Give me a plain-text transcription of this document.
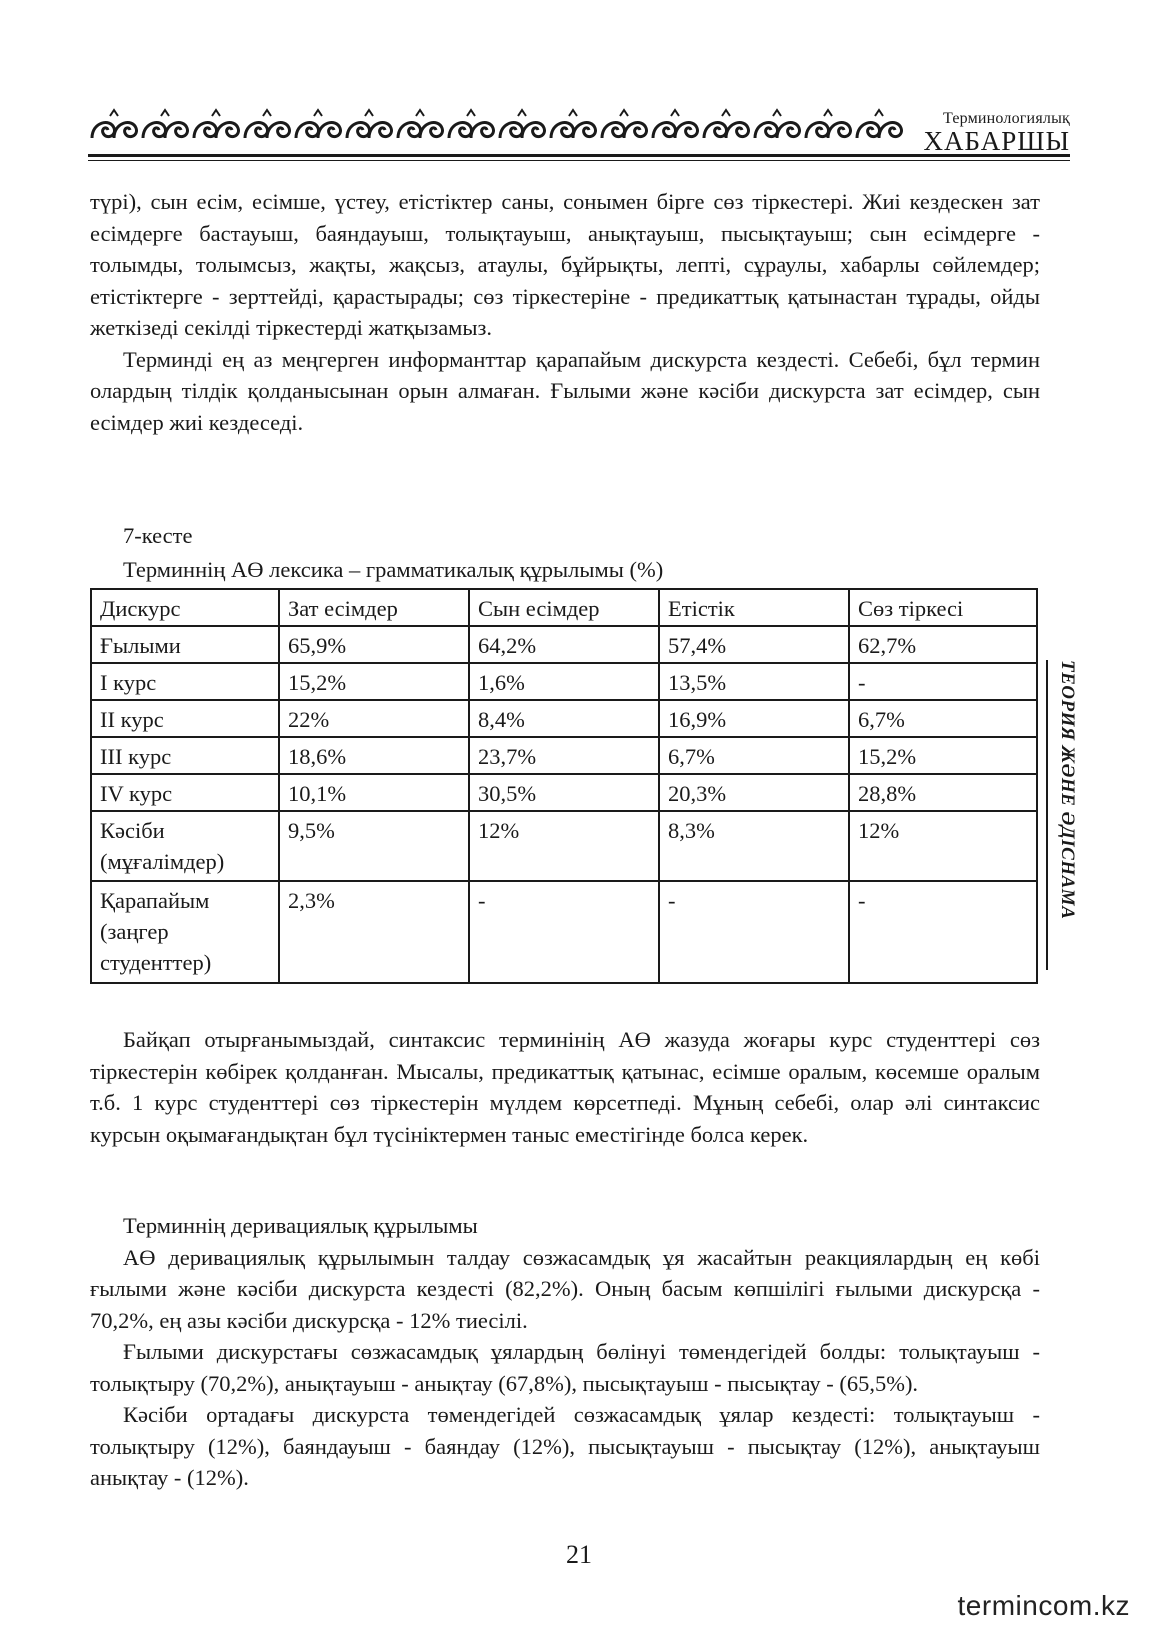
Терминологиялық
ХАБАРШЫ

түрі), сын есім, есімше, үстеу, етістіктер саны, сонымен бірге сөз тіркестері. Жиі кездескен зат есімдерге бастауыш, баяндауыш, толықтауыш, анықтауыш, пысықтауыш; сын есімдерге - толымды, толымсыз, жақты, жақсыз, атаулы, бұйрықты, лепті, сұраулы, хабарлы сөйлемдер; етістіктерге - зерттейді, қарастырады; сөз тіркестеріне - предикаттық қатынастан тұрады, ойды жеткізеді секілді тіркестерді жатқызамыз.

Терминді ең аз меңгерген информанттар қарапайым дискурста кездесті. Себебі, бұл термин олардың тілдік қолданысынан орын алмаған. Ғылыми және кәсіби дискурста зат есімдер, сын есімдер жиі кездеседі.

7-кесте
Терминнің АӨ лексика – грамматикалық құрылымы (%)
Дискурс	Зат есімдер	Сын есімдер	Етістік	Сөз тіркесі
Ғылыми	65,9%	64,2%	57,4%	62,7%
I курс	15,2%	1,6%	13,5%	-
II курс	22%	8,4%	16,9%	6,7%
III курс	18,6%	23,7%	6,7%	15,2%
IV курс	10,1%	30,5%	20,3%	28,8%
Кәсіби (мұғалімдер)	9,5%	12%	8,3%	12%
Қарапайым (заңгер студенттер)	2,3%	-	-	-	ТЕОРИЯ ЖӘНЕ ӘДІСНАМА

Байқап отырғанымыздай, синтаксис терминінің АӨ жазуда жоғары курс студенттері сөз тіркестерін көбірек қолданған. Мысалы, предикаттық қатынас, есімше оралым, көсемше оралым т.б. 1 курс студенттері сөз тіркестерін мүлдем көрсетпеді. Мұның себебі, олар әлі синтаксис курсын оқымағандықтан бұл түсініктермен таныс еместігінде болса керек.

Терминнің деривациялық құрылымы

АӨ деривациялық құрылымын талдау сөзжасамдық ұя жасайтын реакциялардың ең көбі ғылыми және кәсіби дискурста кездесті (82,2%). Оның басым көпшілігі ғылыми дискурсқа - 70,2%, ең азы кәсіби дискурсқа - 12% тиесілі.

Ғылыми дискурстағы сөзжасамдық ұялардың бөлінуі төмендегідей болды: толықтауыш - толықтыру (70,2%), анықтауыш - анықтау (67,8%), пысықтауыш - пысықтау - (65,5%).

Кәсіби ортадағы дискурста төмендегідей сөзжасамдық ұялар кездесті: толықтауыш - толықтыру (12%), баяндауыш - баяндау (12%), пысықтауыш - пысықтау (12%), анықтауыш анықтау - (12%).

21
termincom.kz
